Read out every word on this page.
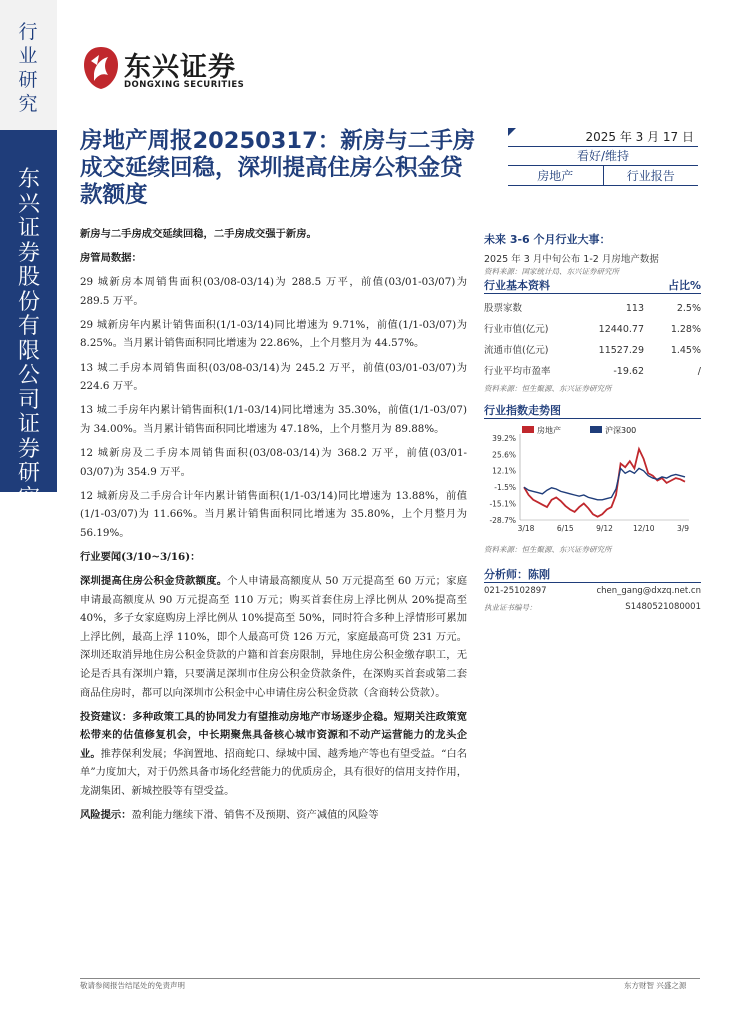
行业研究
东兴证券股份有限公司证券研究报告
东兴证券
DONGXING SECURITIES
房地产周报20250317：新房与二手房成交延续回稳，深圳提高住房公积金贷款额度
2025 年 3 月 17 日
看好/维持
房地产	行业报告

新房与二手房成交延续回稳，二手房成交强于新房。

房管局数据：

29 城新房本周销售面积(03/08-03/14)为 288.5 万平，前值(03/01-03/07)为 289.5 万平。

29 城新房年内累计销售面积(1/1-03/14)同比增速为 9.71%，前值(1/1-03/07)为 8.25%。当月累计销售面积同比增速为 22.86%，上个月整月为 44.57%。

13 城二手房本周销售面积(03/08-03/14)为 245.2 万平，前值(03/01-03/07)为 224.6 万平。

13 城二手房年内累计销售面积(1/1-03/14)同比增速为 35.30%，前值(1/1-03/07)为 34.00%。当月累计销售面积同比增速为 47.18%，上个月整月为 89.88%。

12 城新房及二手房本周销售面积(03/08-03/14)为 368.2 万平，前值(03/01-03/07)为 354.9 万平。

12 城新房及二手房合计年内累计销售面积(1/1-03/14)同比增速为 13.88%，前值(1/1-03/07)为 11.66%。当月累计销售面积同比增速为 35.80%，上个月整月为 56.19%。

行业要闻(3/10~3/16)：

深圳提高住房公积金贷款额度。个人申请最高额度从 50 万元提高至 60 万元；家庭申请最高额度从 90 万元提高至 110 万元；购买首套住房上浮比例从 20%提高至 40%，多子女家庭购房上浮比例从 10%提高至 50%，同时符合多种上浮情形可累加上浮比例，最高上浮 110%，即个人最高可贷 126 万元，家庭最高可贷 231 万元。深圳还取消异地住房公积金贷款的户籍和首套房限制，异地住房公积金缴存职工，无论是否具有深圳户籍，只要满足深圳市住房公积金贷款条件，在深购买首套或第二套商品住房时，都可以向深圳市公积金中心申请住房公积金贷款（含商转公贷款）。

投资建议：多种政策工具的协同发力有望推动房地产市场逐步企稳。短期关注政策宽松带来的估值修复机会，中长期聚焦具备核心城市资源和不动产运营能力的龙头企业。推荐保利发展；华润置地、招商蛇口、绿城中国、越秀地产等也有望受益。“白名单”力度加大，对于仍然具备市场化经营能力的优质房企，具有很好的信用支持作用，龙湖集团、新城控股等有望受益。

风险提示：盈利能力继续下滑、销售不及预期、资产减值的风险等

未来 3-6 个月行业大事：
2025 年 3 月中旬公布 1-2 月房地产数据
资料来源：国家统计局、东兴证券研究所
行业基本资料	占比%
股票家数	113	2.5%
行业市值(亿元)	12440.77	1.28%
流通市值(亿元)	11527.29	1.45%
行业平均市盈率	-19.62	/
资料来源：恒生聚源、东兴证券研究所
行业指数走势图
39.2%
25.6%
12.1%
-1.5%
-15.1%
-28.7%
3/18	6/15	9/12	12/10	3/9
房地产	沪深300
资料来源：恒生聚源、东兴证券研究所
分析师：陈刚
021-25102897	chen_gang@dxzq.net.cn
执业证书编号：	S1480521080001
敬请参阅报告结尾处的免责声明	东方财智 兴盛之源
